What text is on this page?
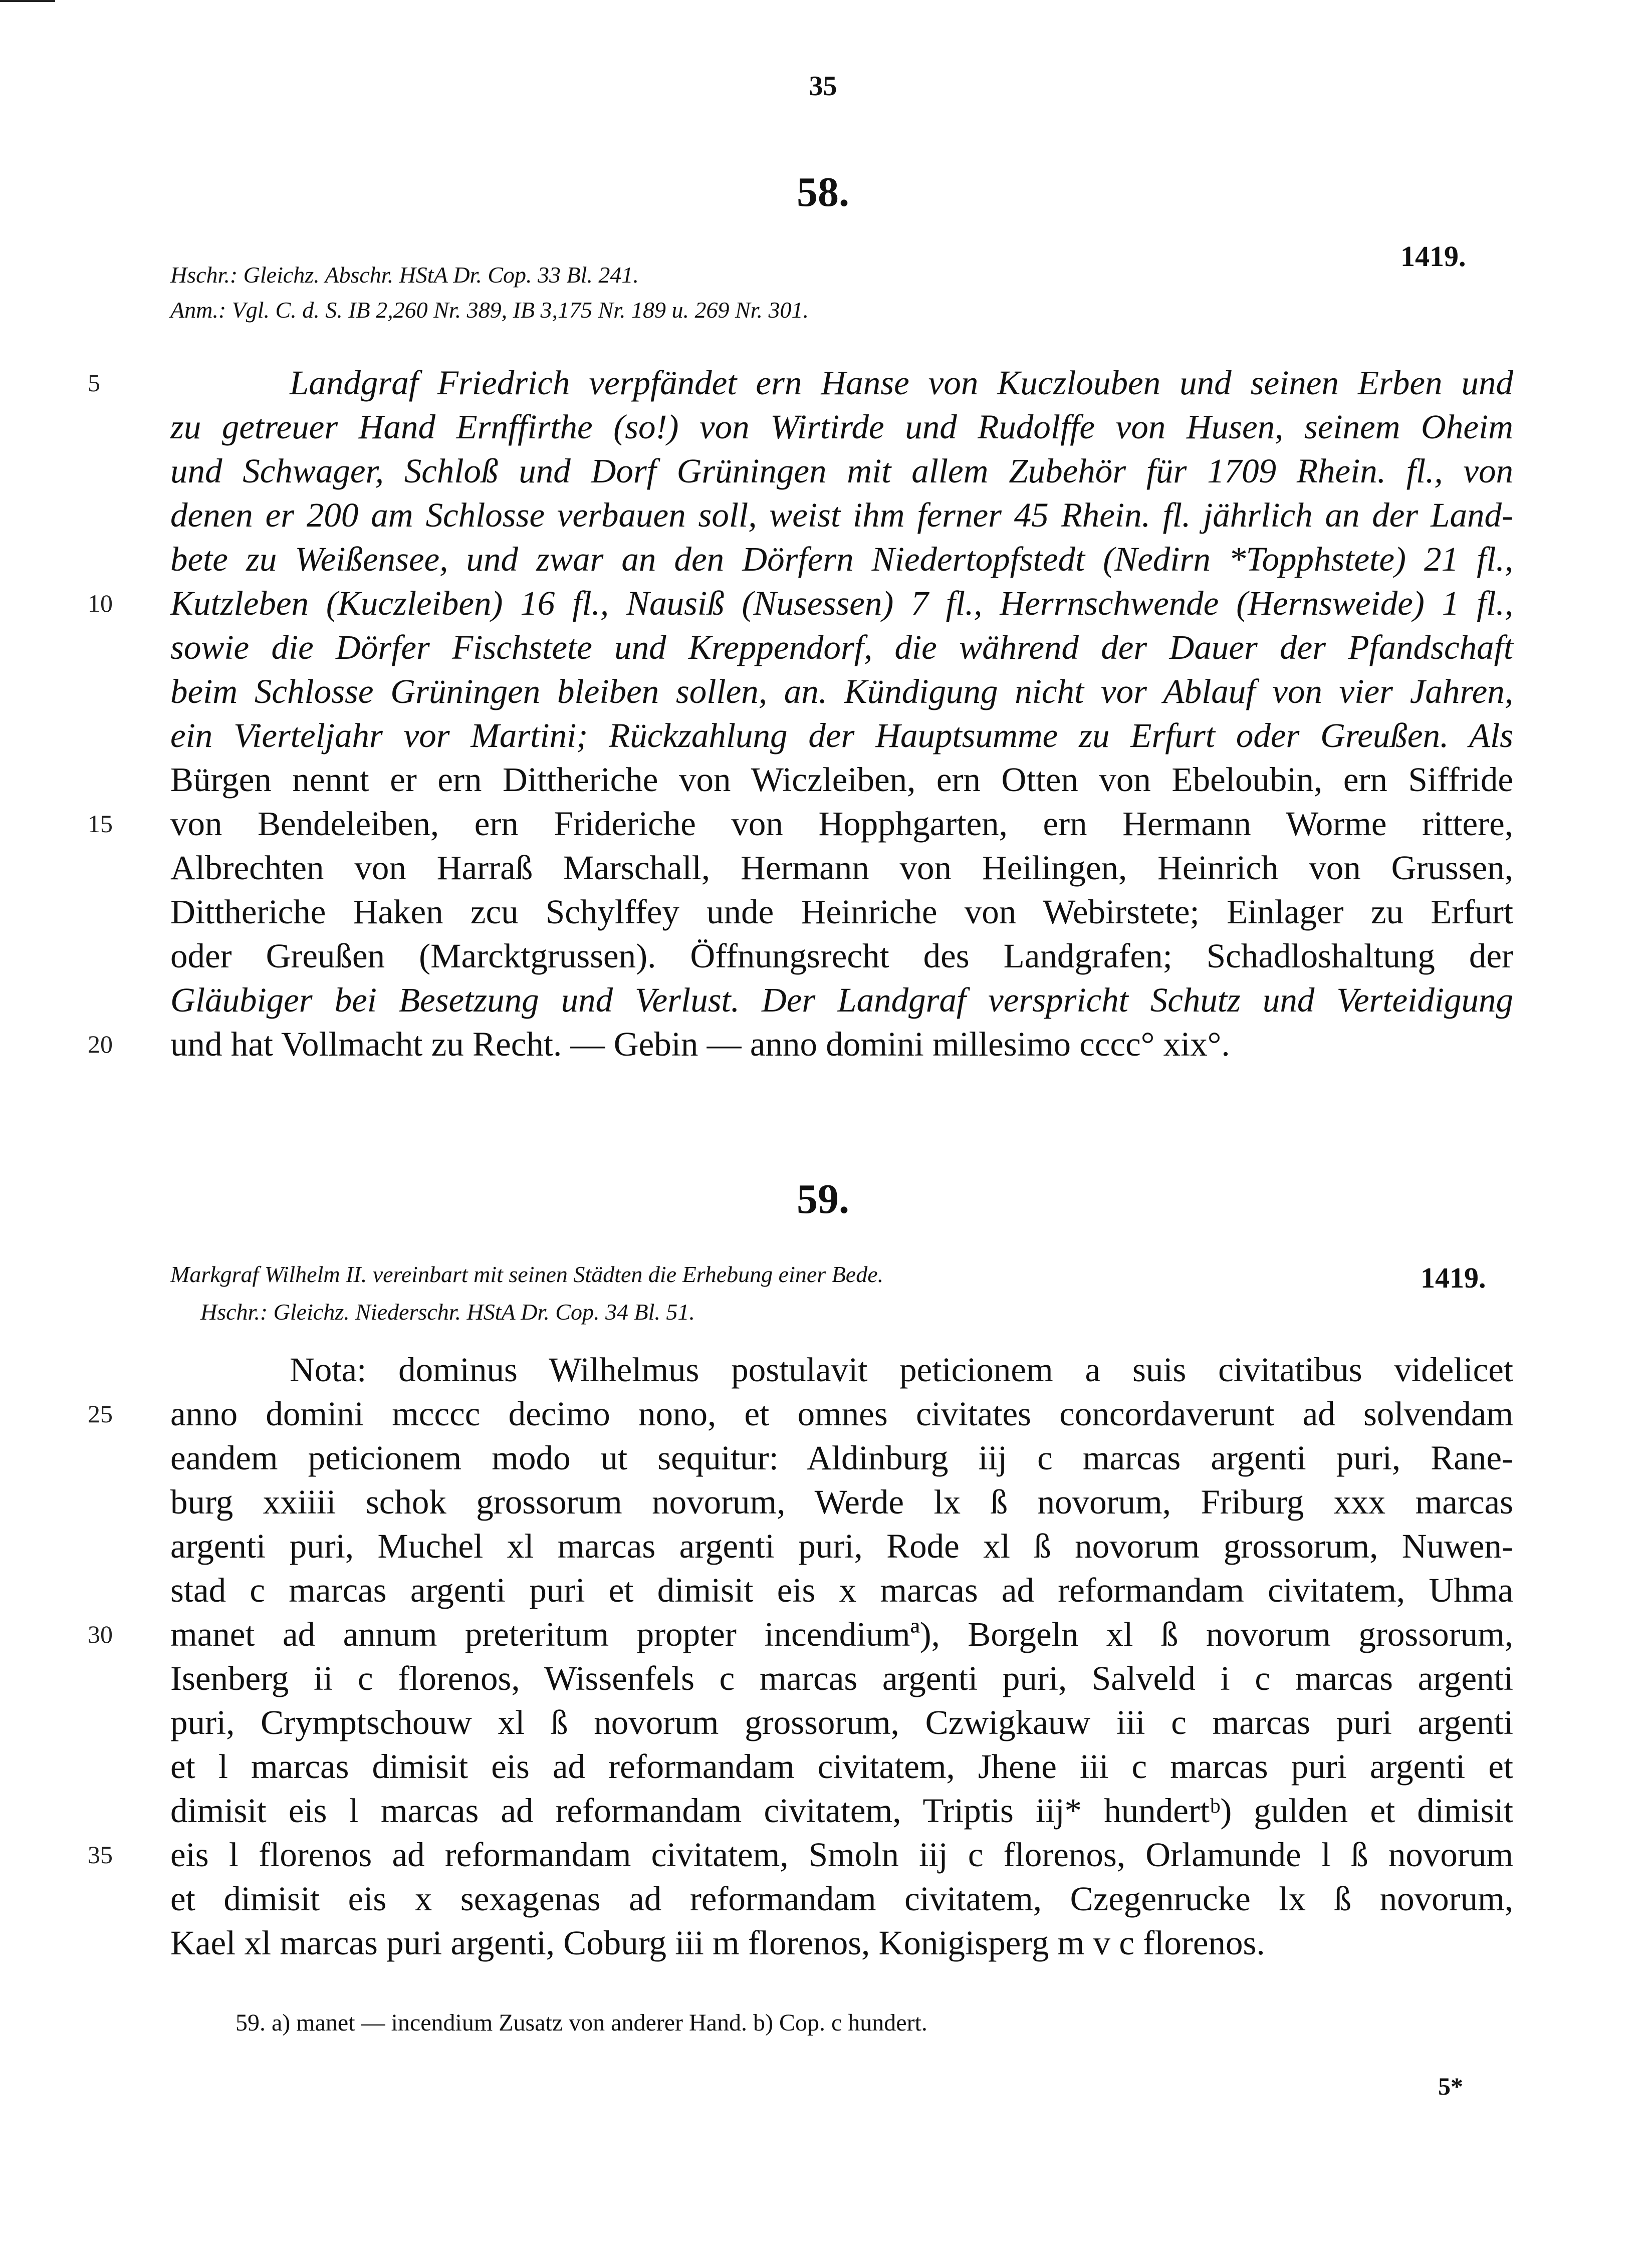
35
58.
1419.
Hschr.: Gleichz. Abschr. HStA Dr. Cop. 33 Bl. 241.
Anm.: Vgl. C. d. S. IB 2,260 Nr. 389, IB 3,175 Nr. 189 u. 269 Nr. 301.
Landgraf Friedrich verpfändet ern Hanse von Kuczlouben und seinen Erben und
zu getreuer Hand Ernffirthe (so!) von Wirtirde und Rudolffe von Husen, seinem Oheim
und Schwager, Schloß und Dorf Grüningen mit allem Zubehör für 1709 Rhein. fl., von
denen er 200 am Schlosse verbauen soll, weist ihm ferner 45 Rhein. fl. jährlich an der Land-
bete zu Weißensee, und zwar an den Dörfern Niedertopfstedt (Nedirn *Topphstete) 21 fl.,
Kutzleben (Kuczleiben) 16 fl., Nausiß (Nusessen) 7 fl., Herrnschwende (Hernsweide) 1 fl.,
sowie die Dörfer Fischstete und Kreppendorf, die während der Dauer der Pfandschaft
beim Schlosse Grüningen bleiben sollen, an. Kündigung nicht vor Ablauf von vier Jahren,
ein Vierteljahr vor Martini; Rückzahlung der Hauptsumme zu Erfurt oder Greußen. Als
Bürgen nennt er ern Dittheriche von Wiczleiben, ern Otten von Ebeloubin, ern Siffride
von Bendeleiben, ern Frideriche von Hopphgarten, ern Hermann Worme rittere,
Albrechten von Harraß Marschall, Hermann von Heilingen, Heinrich von Grussen,
Dittheriche Haken zcu Schylffey unde Heinriche von Webirstete; Einlager zu Erfurt
oder Greußen (Marcktgrussen). Öffnungsrecht des Landgrafen; Schadloshaltung der
Gläubiger bei Besetzung und Verlust. Der Landgraf verspricht Schutz und Verteidigung
und hat Vollmacht zu Recht. — Gebin — anno domini millesimo cccc° xix°.
59.
Markgraf Wilhelm II. vereinbart mit seinen Städten die Erhebung einer Bede.	1419.
Hschr.: Gleichz. Niederschr. HStA Dr. Cop. 34 Bl. 51.
Nota: dominus Wilhelmus postulavit peticionem a suis civitatibus videlicet
anno domini mcccc decimo nono, et omnes civitates concordaverunt ad solvendam
eandem peticionem modo ut sequitur: Aldinburg iij c marcas argenti puri, Rane-
burg xxiiii schok grossorum novorum, Werde lx ß novorum, Friburg xxx marcas
argenti puri, Muchel xl marcas argenti puri, Rode xl ß novorum grossorum, Nuwen-
stad c marcas argenti puri et dimisit eis x marcas ad reformandam civitatem, Uhma
manet ad annum preteritum propter incendiumª), Borgeln xl ß novorum grossorum,
Isenberg ii c florenos, Wissenfels c marcas argenti puri, Salveld i c marcas argenti
puri, Crymptschouw xl ß novorum grossorum, Czwigkauw iii c marcas puri argenti
et l marcas dimisit eis ad reformandam civitatem, Jhene iii c marcas puri argenti et
dimisit eis l marcas ad reformandam civitatem, Triptis iij* hundertᵇ) gulden et dimisit
eis l florenos ad reformandam civitatem, Smoln iij c florenos, Orlamunde l ß novorum
et dimisit eis x sexagenas ad reformandam civitatem, Czegenrucke lx ß novorum,
Kael xl marcas puri argenti, Coburg iii m florenos, Konigisperg m v c florenos.
5
10
15
20
25
30
35
59. a) manet — incendium Zusatz von anderer Hand. b) Cop. c hundert.
5*
